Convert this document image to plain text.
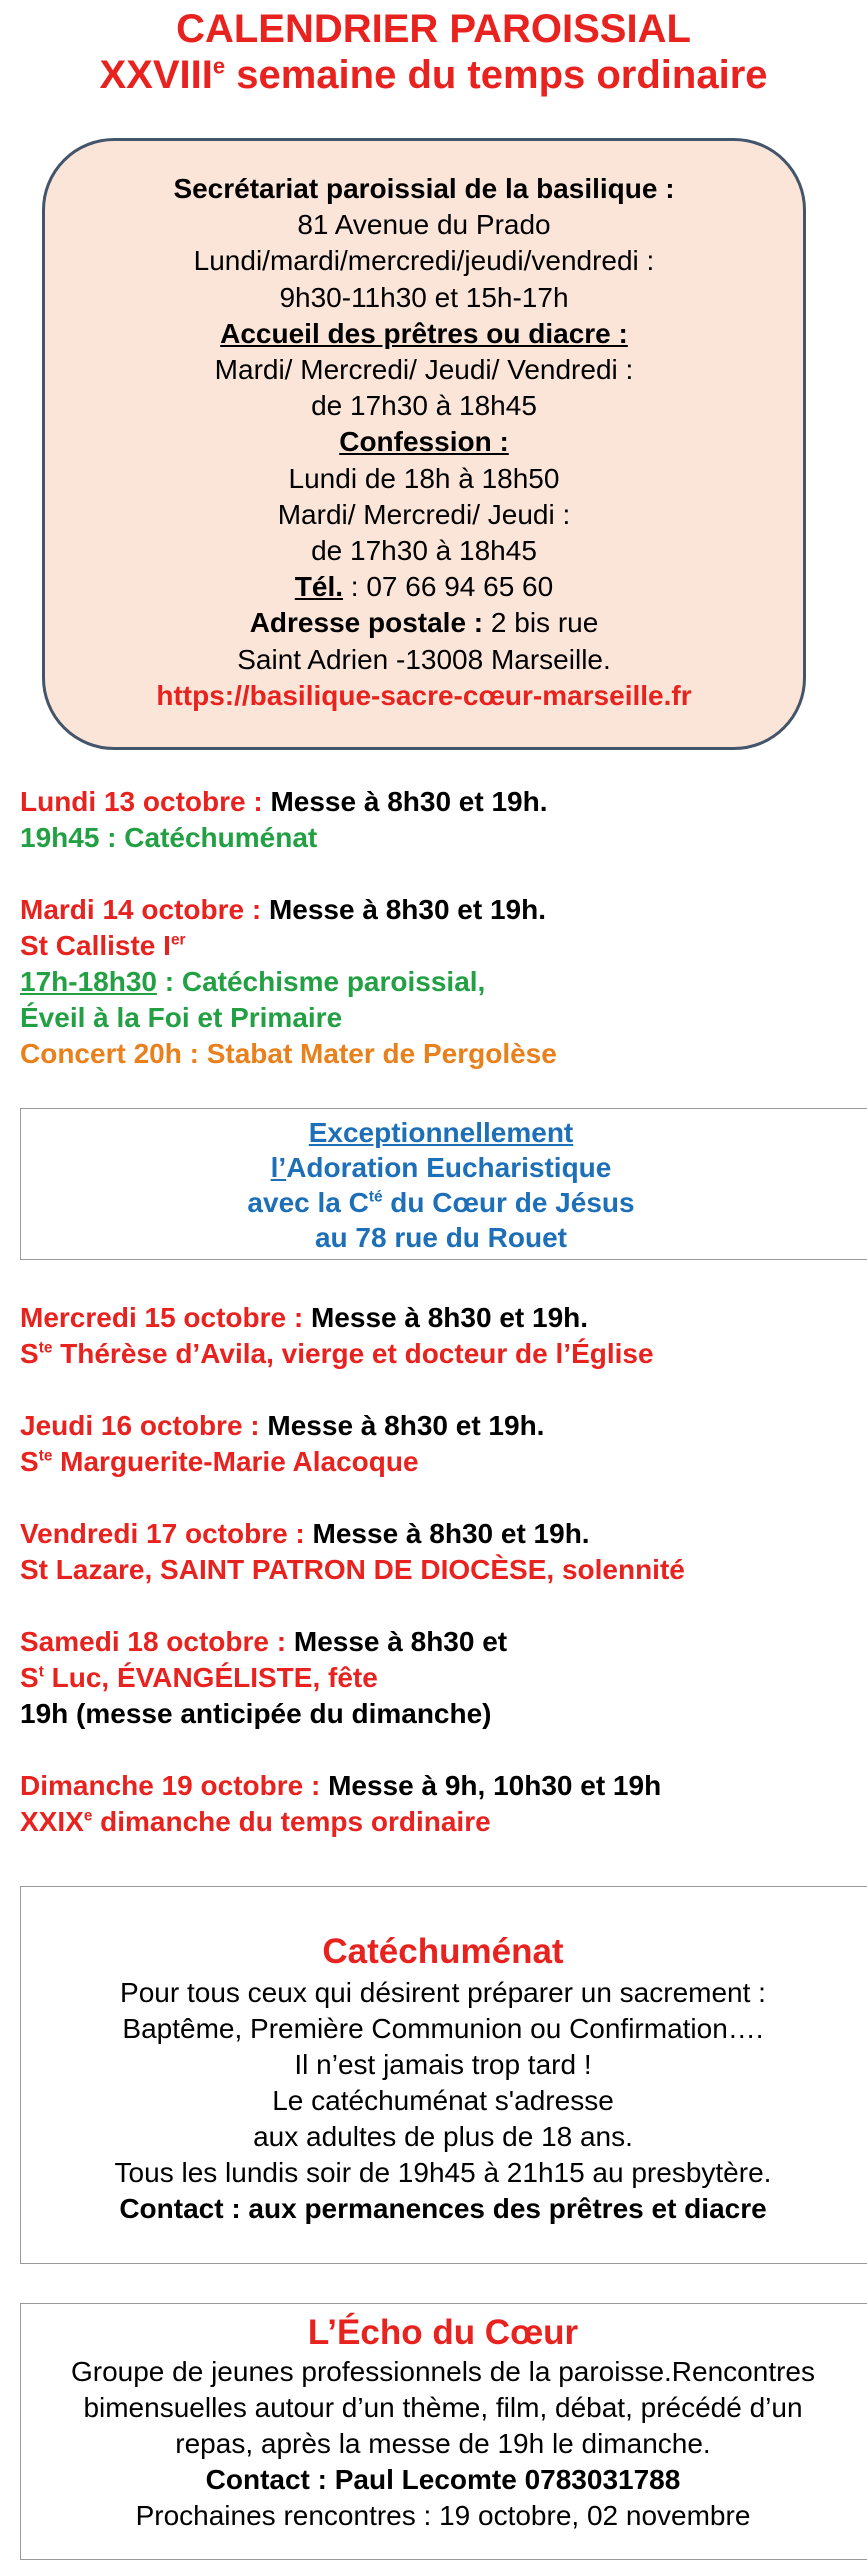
CALENDRIER PAROISSIAL
XXVIIIe semaine du temps ordinaire
Secrétariat paroissial de la basilique :
81 Avenue du Prado
Lundi/mardi/mercredi/jeudi/vendredi :
9h30-11h30 et 15h-17h
Accueil des prêtres ou diacre :
Mardi/ Mercredi/ Jeudi/ Vendredi :
de 17h30 à 18h45
Confession :
Lundi de 18h à 18h50
Mardi/ Mercredi/ Jeudi :
de 17h30 à 18h45
Tél. : 07 66 94 65 60
Adresse postale : 2 bis rue
Saint Adrien -13008 Marseille.
https://basilique-sacre-cœur-marseille.fr
Lundi 13 octobre : Messe à 8h30 et 19h.
19h45 : Catéchuménat
Mardi 14 octobre : Messe à 8h30 et 19h.
St Calliste Ier
17h-18h30 : Catéchisme paroissial,
Éveil à la Foi et Primaire
Concert 20h : Stabat Mater de Pergolèse
Exceptionnellement
l’Adoration Eucharistique
avec la $C^{té}$ du Cœur de Jésus
au 78 rue du Rouet
Mercredi 15 octobre : Messe à 8h30 et 19h.
$S^{te}$ Thérèse d’Avila, vierge et docteur de l’Église
Jeudi 16 octobre : Messe à 8h30 et 19h.
$S^{te}$ Marguerite-Marie Alacoque
Vendredi 17 octobre : Messe à 8h30 et 19h.
St Lazare, SAINT PATRON DE DIOCÈSE, solennité
Samedi 18 octobre : Messe à 8h30 et
$S^t$ Luc, ÉVANGÉLISTE, fête
19h (messe anticipée du dimanche)
Dimanche 19 octobre : Messe à 9h, 10h30 et 19h
XXIXe dimanche du temps ordinaire
Catéchuménat
Pour tous ceux qui désirent préparer un sacrement :
Baptême, Première Communion ou Confirmation….
Il n’est jamais trop tard !
Le catéchuménat s'adresse
aux adultes de plus de 18 ans.
Tous les lundis soir de 19h45 à 21h15 au presbytère.
Contact : aux permanences des prêtres et diacre
L’Écho du Cœur
Groupe de jeunes professionnels de la paroisse.Rencontres
bimensuelles autour d’un thème, film, débat, précédé d’un
repas, après la messe de 19h le dimanche.
Contact : Paul Lecomte 0783031788
Prochaines rencontres : 19 octobre, 02 novembre
